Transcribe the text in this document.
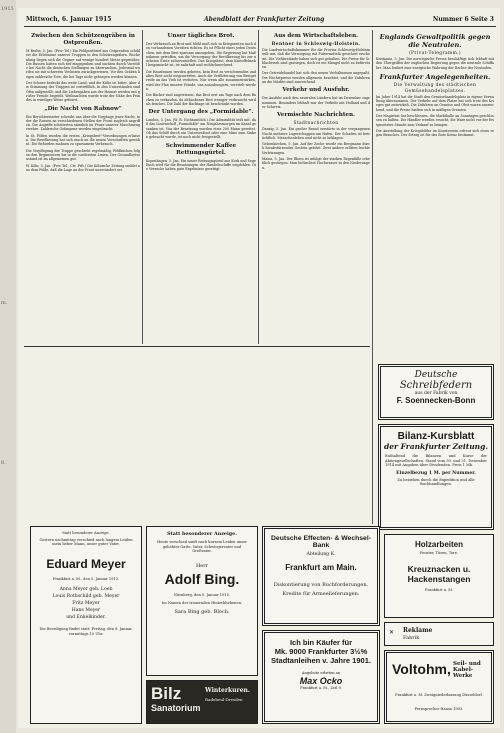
1915
m.
8.
Mittwoch, 6. Januar 1915	Abendblatt der Frankfurter Zeitung	Nummer 6 Seite 3
Zwischen den Schützengräben in Ostpreußen.
M Berlin, 5. Jan. (Priv.-Tel.) Ein Feldpostbrief aus Ostpreußen schildert die Erlebnisse unserer Truppen in den Schützengräben. Wochenlang liegen sich die Gegner auf wenige hundert Meter gegenüber. Die Russen hatten sich tief eingegraben und suchten durch Vorstöße bei Nacht die deutschen Stellungen zu überraschen. Jedesmal wurden sie mit schweren Verlusten zurückgewiesen. Vor den Gräben liegen zahlreiche Tote, die bei Tage nicht geborgen werden können.
Der Schnee bedeckt das weite Land, und die Kälte ist bitter. Aber die Stimmung der Truppen ist vortrefflich. In den Unterständen sind Öfen aufgestellt, und die Liebesgaben aus der Heimat werden mit großer Freude begrüßt. Weihnachten wurde trotz der Nähe des Feindes in würdiger Weise gefeiert.
„Die Nacht von Rabnow"
Ein Berichterstatter schreibt uns über die Vorgänge jener Nacht, in der die Russen an verschiedenen Stellen der Front zugleich angriffen. Die Angriffe scheiterten sämtlich im Feuer unserer Maschinengewehre. Zahlreiche Gefangene wurden eingebracht.
In St. Pölten wurden die ersten „Kriegsbrot"-Verordnungen erlassen. Die Bevölkerung hat sich rasch an die neuen Vorschriften gewöhnt. Die Behörden mahnen zu sparsamem Verbrauch.
Die Verpflegung der Truppe geschieht regelmäßig. Feldküchen folgen den Regimentern bis in die vordersten Linien. Der Gesundheitszustand ist im allgemeinen gut.
W. Köln, 5. Jan. (Priv.-Tel., Ctr. Frft.) Die Kölnische Zeitung meldet aus dem Felde, daß die Lage an der Front unverändert sei.
Unser tägliches Brot.
Der Verbrauch an Brot und Mehl muß sich in Kriegszeiten nach den vorhandenen Vorräten richten. Es ist Pflicht eines jeden Deutschen, mit dem Brot sparsam umzugehen. Die Regierung hat Maßnahmen getroffen, um die Versorgung der Bevölkerung bis zur nächsten Ernte sicherzustellen. Das Kriegsbrot, dem Kartoffelmehl beigemischt ist, ist nahrhaft und wohlschmeckend.
Die Hausfrauen werden gebeten, kein Brot zu verschwenden und altes Brot nicht wegzuwerfen. Auch die Verfütterung von Brotgetreide an das Vieh ist verboten. Nur wenn alle zusammenwirken, wird der Plan unserer Feinde, uns auszuhungern, vereitelt werden.
Die Bäcker sind angewiesen, das Brot erst am Tage nach dem Backen zu verkaufen, da altbackenes Brot weniger verbraucht wird als frisches. Die Zahl der Backtage ist beschränkt worden.
Der Untergang des „Formidable".
London, 5. Jan. (W. B. Nichtamtlich.) Die Admiralität teilt mit, daß das Linienschiff „Formidable" am Neujahrsmorgen im Kanal gesunken ist. Von der Besatzung wurden etwa 200 Mann gerettet. Ob das Schiff durch ein Unterseeboot oder eine Mine zum Sinken gebracht wurde, ist noch nicht festgestellt.
Schwimmender Kaffee Rettungsgürtel.
Kopenhagen, 5. Jan. Ein neuer Rettungsgürtel aus Kork und Segeltuch wird für die Besatzungen der Handelsschiffe empfohlen. Die Versuche haben gute Ergebnisse gezeitigt.
Aus dem Wirtschaftsleben.
Bentner in Schleswig-Holstein.
Die Landwirtschaftskammer für die Provinz Schleswig-Holstein teilt mit, daß die Versorgung mit Futtermitteln gesichert erscheint. Die Viehbestände haben sich gut gehalten. Die Preise für Schlachtvieh sind gestiegen, doch ist ein Mangel nicht zu befürchten.
Der Getreidehandel hat sich den neuen Verhältnissen angepaßt. Die Höchstpreise werden allgemein beachtet, und die Zufuhren an die Märkte sind ausreichend.
Verkehr und Ausfuhr.
Die Ausfuhr nach den neutralen Ländern hat im Dezember zugenommen. Besonders lebhaft war der Verkehr mit Holland und der Schweiz.
Vermischte Nachrichten.
Stadtnachrichten
Danzig, 5. Jan. Ein großer Brand zerstörte in der vergangenen Nacht mehrere Lagerschuppen am Hafen. Der Schaden ist beträchtlich. Menschenleben sind nicht zu beklagen.
Gelsenkirchen, 5. Jan. Auf der Zeche wurde ein Bergmann durch herabstürzendes Gestein getötet. Zwei andere erlitten leichte Verletzungen.
Mainz, 5. Jan. Der Rhein ist infolge der starken Regenfälle erheblich gestiegen. Man befürchtet Hochwasser in den Niederungen.
Englands Gewaltpolitik gegen die Neutralen.
(Privat-Telegramm.)
Kristiania, 5. Jan. Die norwegische Presse beschäftigt sich lebhaft mit den Übergriffen der englischen Regierung gegen die neutrale Schiffahrt. Man fordert eine energische Wahrung der Rechte der Neutralen.
Frankfurter Angelegenheiten.
Die Verwaltung des städtischen Gemüsehandelsplatzes.
Im Jahre 1914 hat die Stadt den Gemüsehandelsplatz in eigene Verwaltung übernommen. Der Verkehr auf dem Platze hat sich trotz des Krieges gut entwickelt. Die Zufuhren an Gemüse und Obst waren ausreichend, und die Preise hielten sich in mäßigen Grenzen.
Der Magistrat hat beschlossen, die Markthalle an Sonntagen geschlossen zu halten. Die Händler werden ersucht, die Ware nicht vor der festgesetzten Stunde zum Verkauf zu bringen.
Die Ausstellung der Kriegsbilder im Kunstverein erfreut sich eines regen Besuches. Der Ertrag ist für das Rote Kreuz bestimmt.
Deutsche
Schreibfedern
aus der Fabrik von
F. Soennecken-Bonn
Bilanz-Kursblatt
der Frankfurter Zeitung.
Enthaltend die Bilanzen und Kurse der Aktiengesellschaften. Stand vom 30. und 31. Dezember 1914 mit Angaben über Dividenden. Preis 1 Mk.
Einzelbezug 1 M. per Nummer.
Zu beziehen durch die Expedition und alle Buchhandlungen.
Statt besonderer Anzeige.
Gestern nachmittag verschied nach langem Leiden mein lieber Mann, unser guter Vater.
Eduard Meyer
Frankfurt a. M., den 5. Januar 1915.
Anna Meyer geb. Loeb
Louis Rothschild geb. Meyer
Fritz Meyer
Hans Meyer
und Enkelkinder.
Die Beerdigung findet statt: Freitag, den 8. Januar, vormittags 10 Uhr.
Statt besonderer Anzeige.
Heute verschied sanft nach kurzem Leiden unser geliebter Gatte, Vater, Schwiegervater und Großvater.
Herr
Adolf Bing.
Nürnberg, den 5. Januar 1915.
Im Namen der trauernden Hinterbliebenen:
Sara Bing geb. Bloch.
Bilz
Sanatorium
Winterkuren.
Radebeul-Dresden
Deutsche Effecten- & Wechsel-Bank
Abteilung K.
Frankfurt am Main.
Diskontierung von Buchforderungen.
Kredite für Armeelieferungen.
Ich bin Käufer für
Mk. 9000 Frankfurter 3½%
Stadtanleihen v. Jahre 1901.
Angebote erbeten an
Max Ocko
Frankfurt a. M., Zeil 9.
Holzarbeiten
Fenster, Türen, Tore.
Kreuznacken u.
Hackenstangen
Frankfurt a. M.
✕ Reklame
Fabrik
Voltohm, Seil- und
Kabel-Werke
Frankfurt a. M. Zweigniederlassung Düsseldorf.
Fernsprecher Hansa 1903.
